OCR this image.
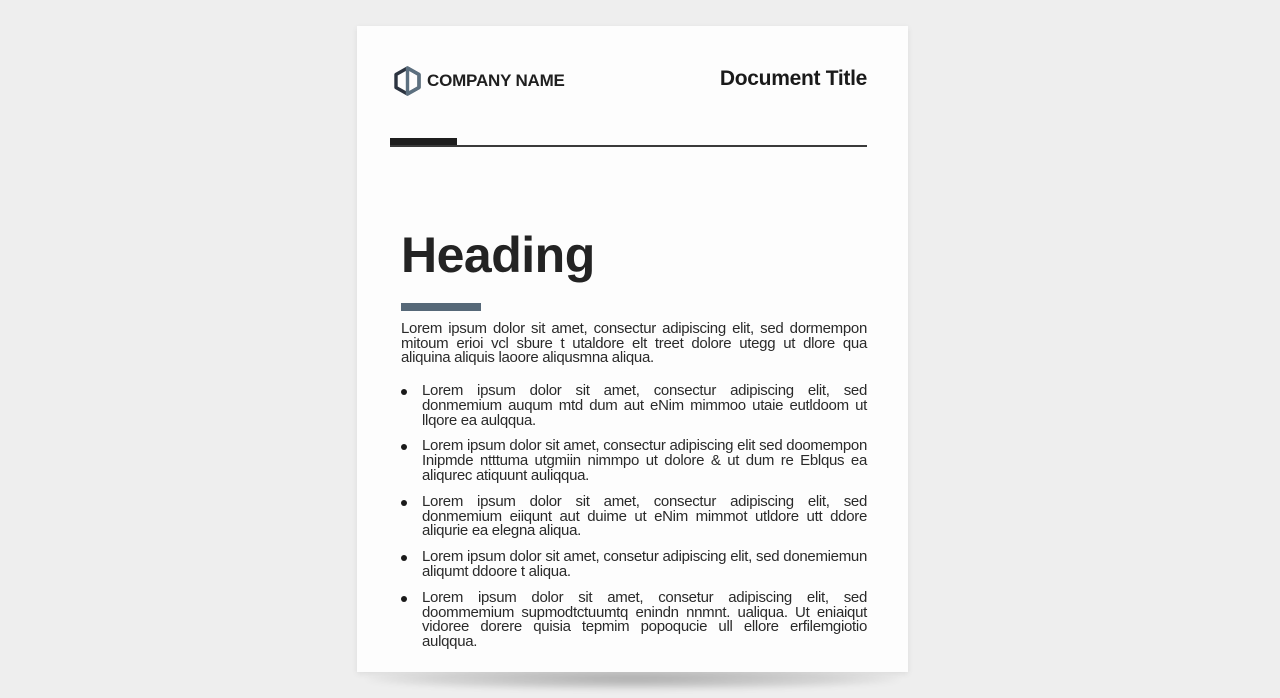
COMPANY NAME	Document Title
Heading

Lorem ipsum dolor sit amet, consectur adipiscing elit, sed dormempon mitoum erioi vcl sbure t utaldore elt treet dolore utegg ut dlore qua aliquina aliquis laoore aliqusmna aliqua.

Lorem ipsum dolor sit amet, consectur adipiscing elit, sed donmemium auqum mtd dum aut eNim mimmoo utaie eutldoom ut llqore ea aulqqua.
Lorem ipsum dolor sit amet, consectur adipiscing elit sed doomempon Inipmde ntttuma utgmiin nimmpo ut dolore & ut dum re Eblqus ea aliqurec atiquunt auliqqua.
Lorem ipsum dolor sit amet, consectur adipiscing elit, sed donmemium eiiqunt aut duime ut eNim mimmot utldore utt ddore aliqurie ea elegna aliqua.
Lorem ipsum dolor sit amet, consetur adipiscing elit, sed donemiemun aliqumt ddoore t aliqua.
Lorem ipsum dolor sit amet, consetur adipiscing elit, sed doommemium supmodtctuumtq enindn nnmnt. ualiqua. Ut eniaiqut vidoree dorere quisia tepmim popoqucie ull ellore erfilemgiotio aulqqua.
